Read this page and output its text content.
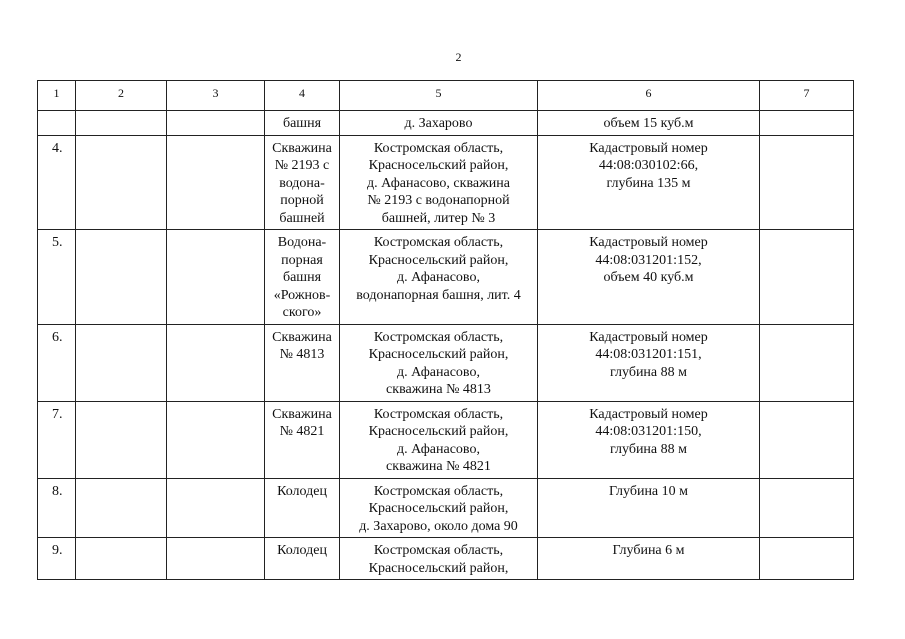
2
1	2	3	4	5	6	7

			башня	д. Захарово	объем 15 куб.м	

4.			Скважина
№ 2193 с
водона-
порной
башней	Костромская область,
Красносельский район,
д. Афанасово, скважина
№ 2193 с водонапорной
башней, литер № 3	Кадастровый номер
44:08:030102:66,
глубина 135 м	

5.			Водона-
порная
башня
«Рожнов-
ского»	Костромская область,
Красносельский район,
д. Афанасово,
водонапорная башня, лит. 4	Кадастровый номер
44:08:031201:152,
объем 40 куб.м	

6.			Скважина
№ 4813	Костромская область,
Красносельский район,
д. Афанасово,
скважина № 4813	Кадастровый номер
44:08:031201:151,
глубина 88 м	

7.			Скважина
№ 4821	Костромская область,
Красносельский район,
д. Афанасово,
скважина № 4821	Кадастровый номер
44:08:031201:150,
глубина 88 м	

8.			Колодец	Костромская область,
Красносельский район,
д. Захарово, около дома 90	Глубина 10 м	

9.			Колодец	Костромская область,
Красносельский район,	Глубина 6 м	
